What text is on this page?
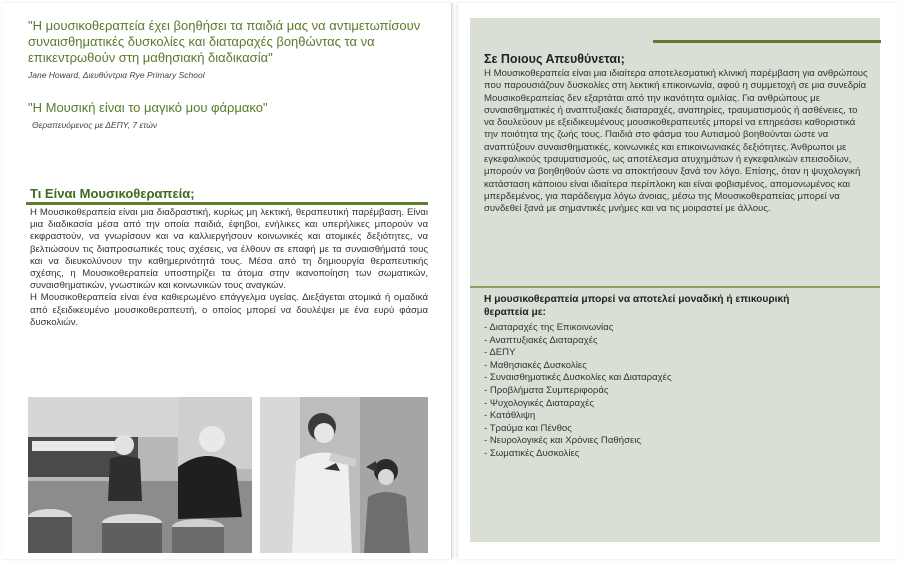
"Η μουσικοθεραπεία έχει βοηθήσει τα παιδιά μας να αντιμετωπίσουν συναισθηματικές δυσκολίες και διαταραχές βοηθώντας τα να επικεντρωθούν στη μαθησιακή διαδικασία"
Jane Howard, Διευθύντρια Rye Primary School
"Η Μουσική είναι το μαγικό μου φάρμακο"
Θεραπευόμενος με ΔΕΠΥ, 7 ετών
Τι Είναι Μουσικοθεραπεία;

Η Μουσικοθεραπεία είναι μια διαδραστική, κυρίως μη λεκτική, θεραπευτική παρέμβαση. Είναι μια διαδικασία μέσα από την οποία παιδιά, έφηβοι, ενήλικες και υπερήλικες μπορούν να εκφραστούν, να γνωρίσουν και να καλλιεργήσουν κοινωνικές και ατομικές δεξιότητες, να βελτιώσουν τις διαπροσωπικές τους σχέσεις, να έλθουν σε επαφή με τα συναισθήματά τους και να διευκολύνουν την καθημερινότητά τους. Μέσα από τη δημιουργία θεραπευτικής σχέσης, η Μουσικοθεραπεία υποστηρίζει τα άτομα στην ικανοποίηση των σωματικών, συναισθηματικών, γνωστικών και κοινωνικών τους αναγκών.

Η Μουσικοθεραπεία είναι ένα καθιερωμένο επάγγελμα υγείας. Διεξάγεται ατομικά ή ομαδικά από εξειδικευμένο μουσικοθεραπευτή, ο οποίος μπορεί να δουλέψει με ένα ευρύ φάσμα δυσκολιών.

Σε Ποιους Απευθύνεται;
Η Μουσικοθεραπεία είναι μια ιδιαίτερα αποτελεσματική κλινική παρέμβαση για ανθρώπους που παρουσιάζουν δυσκολίες στη λεκτική επικοινωνία, αφού η συμμετοχή σε μια συνεδρία Μουσικοθεραπείας δεν εξαρτάται από την ικανότητα ομιλίας. Για ανθρώπους με συναισθηματικές ή αναπτυξιακές διαταραχές, αναπηρίες, τραυματισμούς ή ασθένειες, το να δουλεύουν με εξειδικευμένους μουσικοθεραπευτές μπορεί να επηρεάσει καθοριστικά την ποιότητα της ζωής τους. Παιδιά στο φάσμα του Αυτισμού βοηθούνται ώστε να αναπτύξουν συναισθηματικές, κοινωνικές και επικοινωνιακές δεξιότητες. Άνθρωποι με εγκεφαλικούς τραυματισμούς, ως αποτέλεσμα ατυχημάτων ή εγκεφαλικών επεισοδίων, μπορούν να βοηθηθούν ώστε να αποκτήσουν ξανά τον λόγο. Επίσης, όταν η ψυχολογική κατάσταση κάποιου είναι ιδιαίτερα περίπλοκη και είναι φοβισμένος, απομονωμένος και μπερδεμένος, για παράδειγμα λόγω άνοιας, μέσω της Μουσικοθεραπείας μπορεί να συνδεθεί ξανά με σημαντικές μνήμες και να τις μοιραστεί με άλλους.
Η μουσικοθεραπεία μπορεί να αποτελεί μοναδική ή επικουρική θεραπεία με:
- Διαταραχές της Επικοινωνίας
- Αναπτυξιακές Διαταραχές
- ΔΕΠΥ
- Μαθησιακές Δυσκολίες
- Συναισθηματικές Δυσκολίες και Διαταραχές
- Προβλήματα Συμπεριφοράς
- Ψυχολογικές Διαταραχές
- Κατάθλιψη
- Τραύμα και Πένθος
- Νευρολογικές και Χρόνιες Παθήσεις
- Σωματικές Δυσκολίες
